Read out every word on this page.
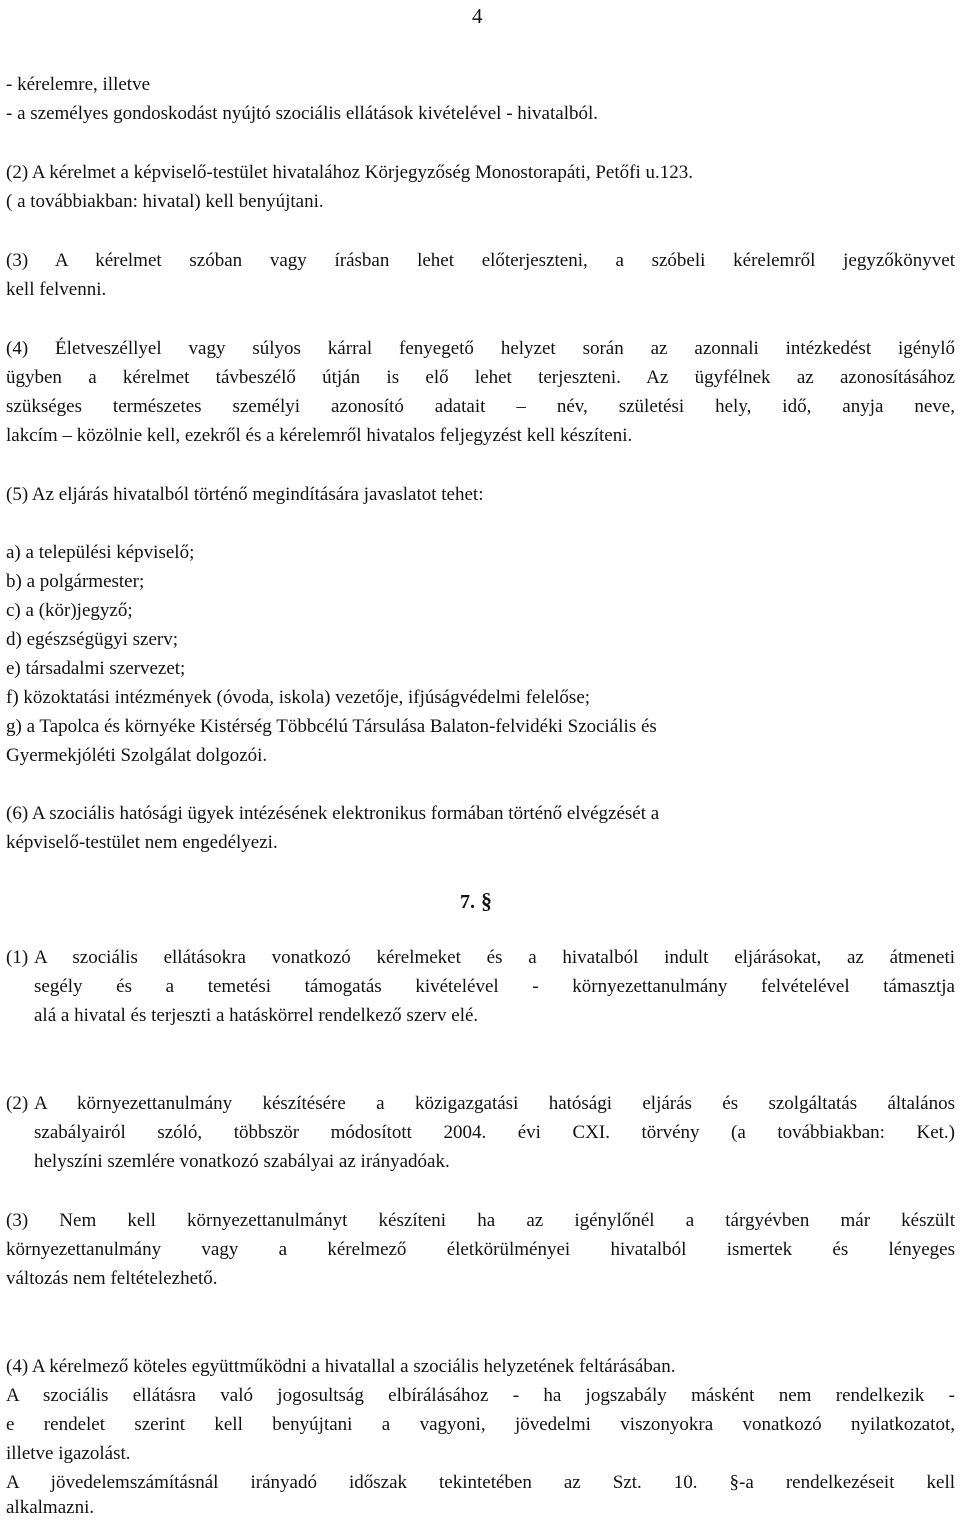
4
- kérelemre, illetve
- a személyes gondoskodást nyújtó szociális ellátások kivételével - hivatalból.
(2) A kérelmet a képviselő-testület hivatalához Körjegyzőség Monostorapáti, Petőfi u.123.
( a továbbiakban: hivatal) kell benyújtani.
(3) A kérelmet szóban vagy írásban lehet előterjeszteni, a szóbeli kérelemről jegyzőkönyvet
kell felvenni.
(4) Életveszéllyel vagy súlyos kárral fenyegető helyzet során az azonnali intézkedést igénylő
ügyben a kérelmet távbeszélő útján is elő lehet terjeszteni. Az ügyfélnek az azonosításához
szükséges természetes személyi azonosító adatait – név, születési hely, idő, anyja neve,
lakcím – közölnie kell, ezekről és a kérelemről hivatalos feljegyzést kell készíteni.
(5) Az eljárás hivatalból történő megindítására javaslatot tehet:
a) a települési képviselő;
b) a polgármester;
c) a (kör)jegyző;
d) egészségügyi szerv;
e) társadalmi szervezet;
f) közoktatási intézmények (óvoda, iskola) vezetője, ifjúságvédelmi felelőse;
g) a Tapolca és környéke Kistérség Többcélú Társulása Balaton-felvidéki Szociális és
Gyermekjóléti Szolgálat dolgozói.
(6) A szociális hatósági ügyek intézésének elektronikus formában történő elvégzését a
képviselő-testület nem engedélyezi.
7. §
(1) A szociális ellátásokra vonatkozó kérelmeket és a hivatalból indult eljárásokat, az átmeneti
segély és a temetési támogatás kivételével - környezettanulmány felvételével támasztja
alá a hivatal és terjeszti a hatáskörrel rendelkező szerv elé.
(2) A környezettanulmány készítésére a közigazgatási hatósági eljárás és szolgáltatás általános
szabályairól szóló, többször módosított 2004. évi CXI. törvény (a továbbiakban: Ket.)
helyszíni szemlére vonatkozó szabályai az irányadóak.
(3) Nem kell környezettanulmányt készíteni ha az igénylőnél a tárgyévben már készült
környezettanulmány vagy a kérelmező életkörülményei hivatalból ismertek és lényeges
változás nem feltételezhető.
(4) A kérelmező köteles együttműködni a hivatallal a szociális helyzetének feltárásában.
A szociális ellátásra való jogosultság elbírálásához - ha jogszabály másként nem rendelkezik -
e rendelet szerint kell benyújtani a vagyoni, jövedelmi viszonyokra vonatkozó nyilatkozatot,
illetve igazolást.
A jövedelemszámításnál irányadó időszak tekintetében az Szt. 10. §-a rendelkezéseit kell
alkalmazni.
